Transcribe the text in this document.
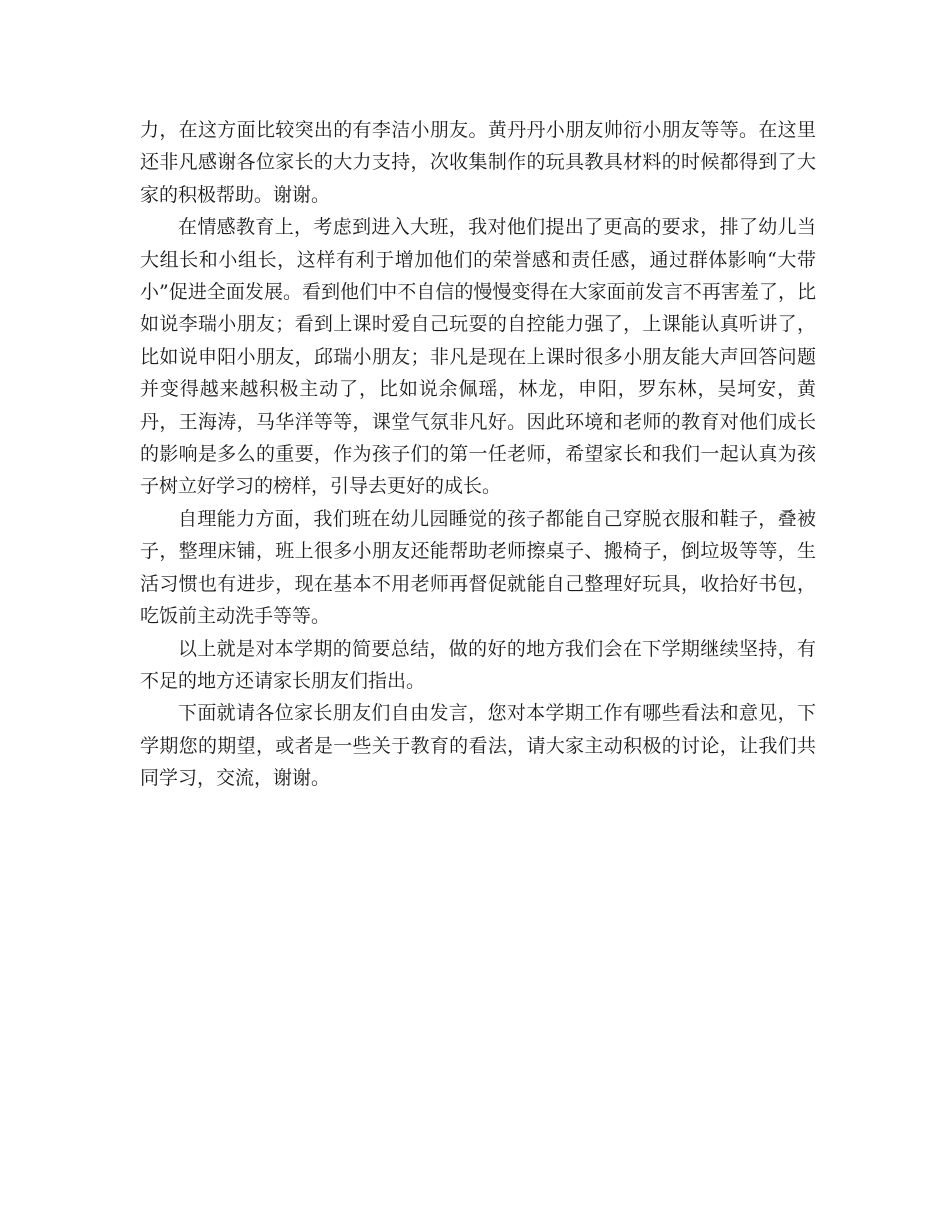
力，在这方面比较突出的有李洁小朋友。黄丹丹小朋友帅衍小朋友等等。在这里还非凡感谢各位家长的大力支持，次收集制作的玩具教具材料的时候都得到了大家的积极帮助。谢谢。

在情感教育上，考虑到进入大班，我对他们提出了更高的要求，排了幼儿当大组长和小组长，这样有利于增加他们的荣誉感和责任感，通过群体影响“大带小”促进全面发展。看到他们中不自信的慢慢变得在大家面前发言不再害羞了，比如说李瑞小朋友；看到上课时爱自己玩耍的自控能力强了，上课能认真听讲了，比如说申阳小朋友，邱瑞小朋友；非凡是现在上课时很多小朋友能大声回答问题并变得越来越积极主动了，比如说余佩瑶，林龙，申阳，罗东林，吴坷安，黄丹，王海涛，马华洋等等，课堂气氛非凡好。因此环境和老师的教育对他们成长的影响是多么的重要，作为孩子们的第一任老师，希望家长和我们一起认真为孩子树立好学习的榜样，引导去更好的成长。

自理能力方面，我们班在幼儿园睡觉的孩子都能自己穿脱衣服和鞋子，叠被子，整理床铺，班上很多小朋友还能帮助老师擦桌子、搬椅子，倒垃圾等等，生活习惯也有进步，现在基本不用老师再督促就能自己整理好玩具，收拾好书包，吃饭前主动洗手等等。

以上就是对本学期的简要总结，做的好的地方我们会在下学期继续坚持，有不足的地方还请家长朋友们指出。

下面就请各位家长朋友们自由发言，您对本学期工作有哪些看法和意见，下学期您的期望，或者是一些关于教育的看法，请大家主动积极的讨论，让我们共同学习，交流，谢谢。
